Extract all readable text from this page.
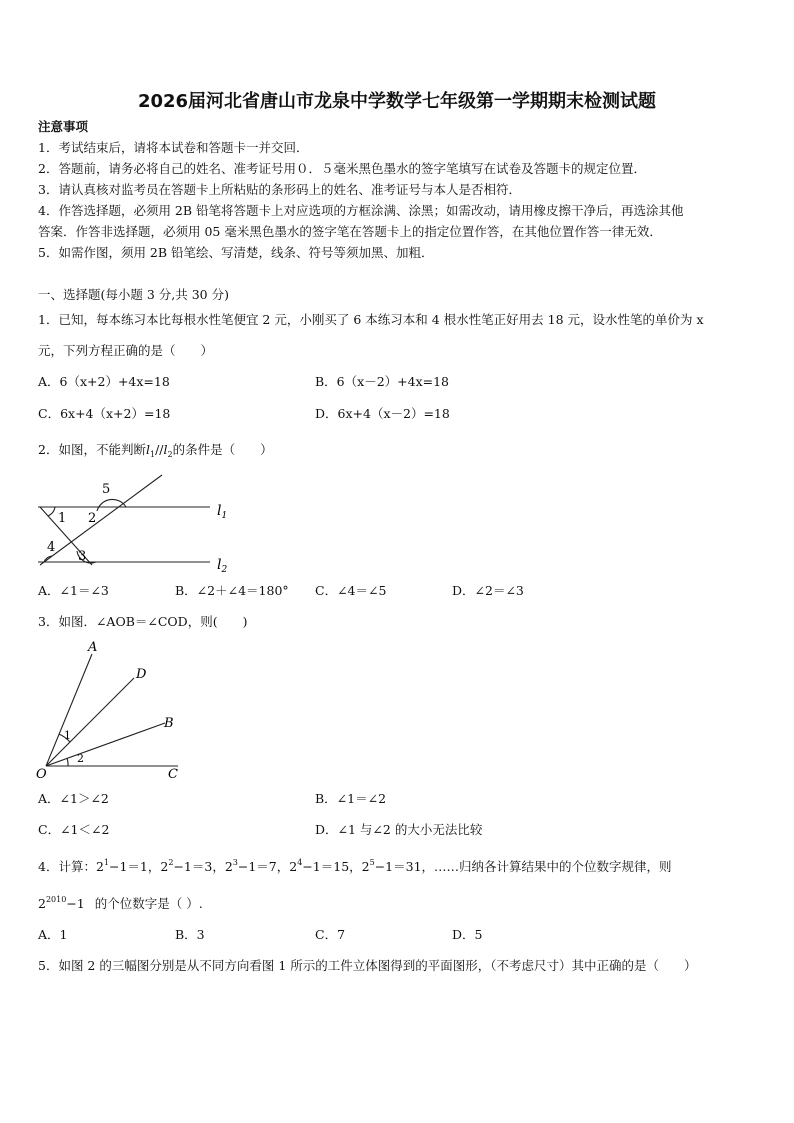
2026届河北省唐山市龙泉中学数学七年级第一学期期末检测试题
注意事项
1．考试结束后，请将本试卷和答题卡一并交回．
2．答题前，请务必将自己的姓名、准考证号用０．５毫米黑色墨水的签字笔填写在试卷及答题卡的规定位置．
3．请认真核对监考员在答题卡上所粘贴的条形码上的姓名、准考证号与本人是否相符．
4．作答选择题，必须用 2B 铅笔将答题卡上对应选项的方框涂满、涂黑；如需改动，请用橡皮擦干净后，再选涂其他
答案．作答非选择题，必须用 05 毫米黑色墨水的签字笔在答题卡上的指定位置作答，在其他位置作答一律无效．
5．如需作图，须用 2B 铅笔绘、写清楚，线条、符号等须加黑、加粗．
一、选择题(每小题 3 分,共 30 分)
1．已知，每本练习本比每根水性笔便宜 2 元，小刚买了 6 本练习本和 4 根水性笔正好用去 18 元，设水性笔的单价为 x
元，下列方程正确的是（　　）
A．6（x+2）+4x=18	B．6（x－2）+4x=18
C．6x+4（x+2）=18	D．6x+4（x－2）=18
2．如图，不能判断$l_1//l_2$的条件是（　　）
5
1 2
4
3
$l_1$
$l_2$
A．∠1＝∠3	B．∠2＋∠4＝180° C．∠4＝∠5	D．∠2＝∠3
3．如图．∠AOB＝∠COD，则(　　)
A
D
B
O	C
1
2
A．∠1＞∠2	B．∠1＝∠2
C．∠1＜∠2	D．∠1 与∠2 的大小无法比较
4．计算：$2^1-1=1$，$2^2-1=3$，$2^3-1=7$，$2^4-1=15$，$2^5-1=31$，……归纳各计算结果中的个位数字规律，则
$2^{2010}-1$ 的个位数字是（ ）.
A．1	B．3	C．7	D．5
5．如图 2 的三幅图分别是从不同方向看图 1 所示的工件立体图得到的平面图形，（不考虑尺寸）其中正确的是（　　）
